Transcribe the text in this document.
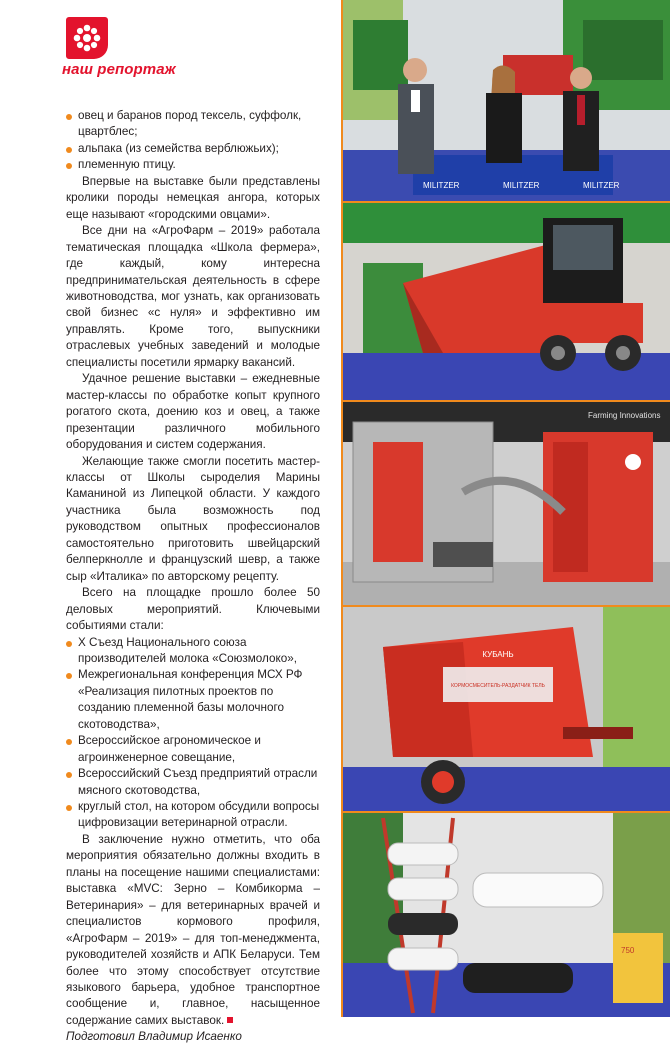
наш репортаж
овец и баранов пород тексель, суффолк, цвартблес;
альпака (из семейства верблюжьих);
племенную птицу.

Впервые на выставке были представлены кролики породы немецкая ангора, которых еще называют «городскими овцами».

Все дни на «АгроФарм – 2019» работала тематическая площадка «Школа фермера», где каждый, кому интересна предпринимательская деятельность в сфере животноводства, мог узнать, как организовать свой бизнес «с нуля» и эффективно им управлять. Кроме того, выпускники отраслевых учебных заведений и молодые специалисты посетили ярмарку вакансий.

Удачное решение выставки – ежедневные мастер-классы по обработке копыт крупного рогатого скота, доению коз и овец, а также презентации различного мобильного оборудования и систем содержания.

Желающие также смогли посетить мастер-классы от Школы сыроделия Марины Каманиной из Липецкой области. У каждого участника была возможность под руководством опытных профессионалов самостоятельно приготовить швейцарский белперкнолле и французский шевр, а также сыр «Италика» по авторскому рецепту.

Всего на площадке прошло более 50 деловых мероприятий. Ключевыми событиями стали:

X Съезд Национального союза производителей молока «Союзмолоко»,
Межрегиональная конференция МСХ РФ «Реализация пилотных проектов по созданию племенной базы молочного скотоводства»,
Всероссийское агрономическое и агроинженерное совещание,
Всероссийский Съезд предприятий отрасли мясного скотоводства,
круглый стол, на котором обсудили вопросы цифровизации ветеринарной отрасли.

В заключение нужно отметить, что оба мероприятия обязательно должны входить в планы на посещение нашими специалистами: выставка «MVC: Зерно – Комбикорма – Ветеринария» – для ветеринарных врачей и специалистов кормового профиля, «АгроФарм – 2019» – для топ-менеджмента, руководителей хозяйств и АПК Беларуси. Тем более что этому способствует отсутствие языкового барьера, удобное транспортное сообщение и, главное, насыщенное содержание самих выставок.

Подготовил Владимир Исаенко

MILITZER	MILITZER	MILITZER
Farming Innovations
КУБАНЬ
КОРМОСМЕСИТЕЛЬ-РАЗДАТЧИК ТЕЛЬ
750
